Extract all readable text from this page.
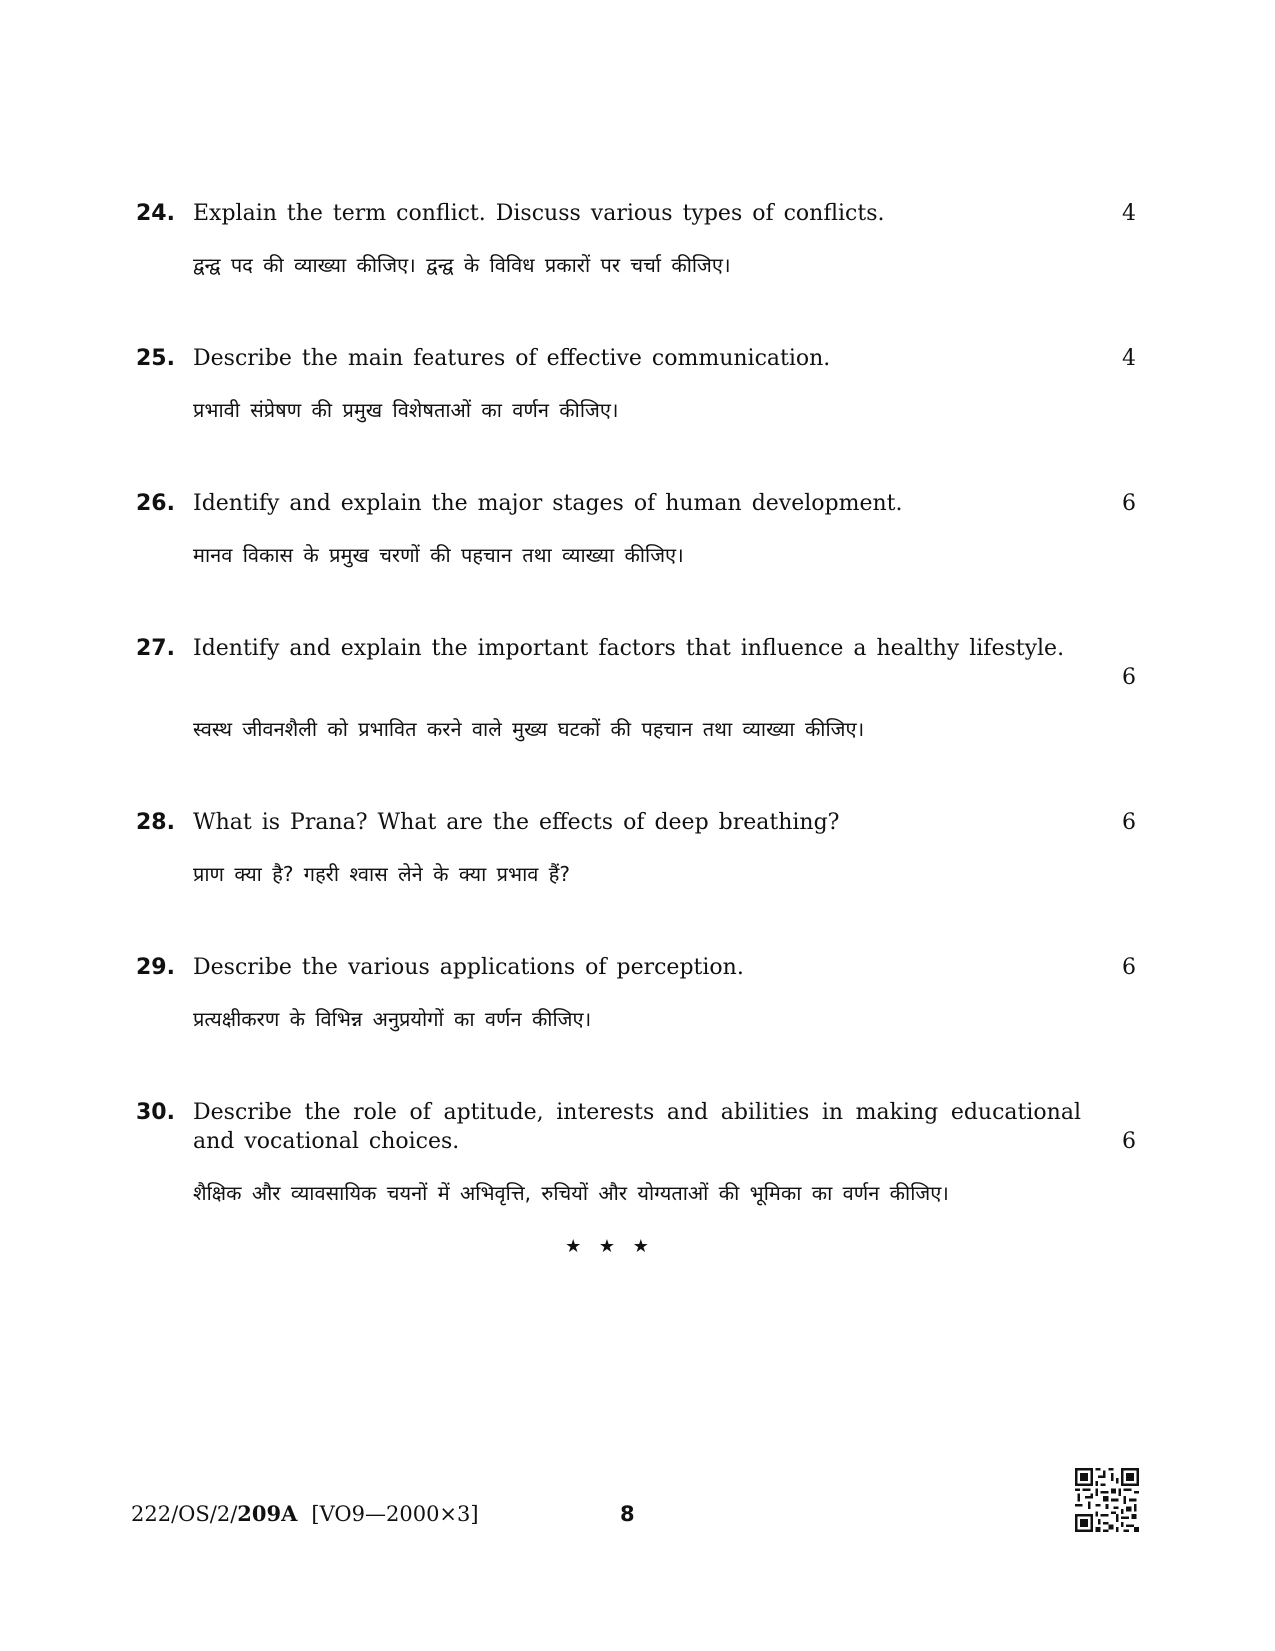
24. Explain the term conflict. Discuss various types of conflicts.	4
द्वन्द्व पद की व्याख्या कीजिए। द्वन्द्व के विविध प्रकारों पर चर्चा कीजिए।
25. Describe the main features of effective communication.	4
प्रभावी संप्रेषण की प्रमुख विशेषताओं का वर्णन कीजिए।
26. Identify and explain the major stages of human development.	6
मानव विकास के प्रमुख चरणों की पहचान तथा व्याख्या कीजिए।
27. Identify and explain the important factors that influence a healthy lifestyle.
6
स्वस्थ जीवनशैली को प्रभावित करने वाले मुख्य घटकों की पहचान तथा व्याख्या कीजिए।
28. What is Prana? What are the effects of deep breathing?	6
प्राण क्या है? गहरी श्वास लेने के क्या प्रभाव हैं?
29. Describe the various applications of perception.	6
प्रत्यक्षीकरण के विभिन्न अनुप्रयोगों का वर्णन कीजिए।
30. Describe the role of aptitude, interests and abilities in making educational and vocational choices.	6
शैक्षिक और व्यावसायिक चयनों में अभिवृत्ति, रुचियों और योग्यताओं की भूमिका का वर्णन कीजिए।
★ ★ ★
222/OS/2/209A [VO9—2000×3]	8
